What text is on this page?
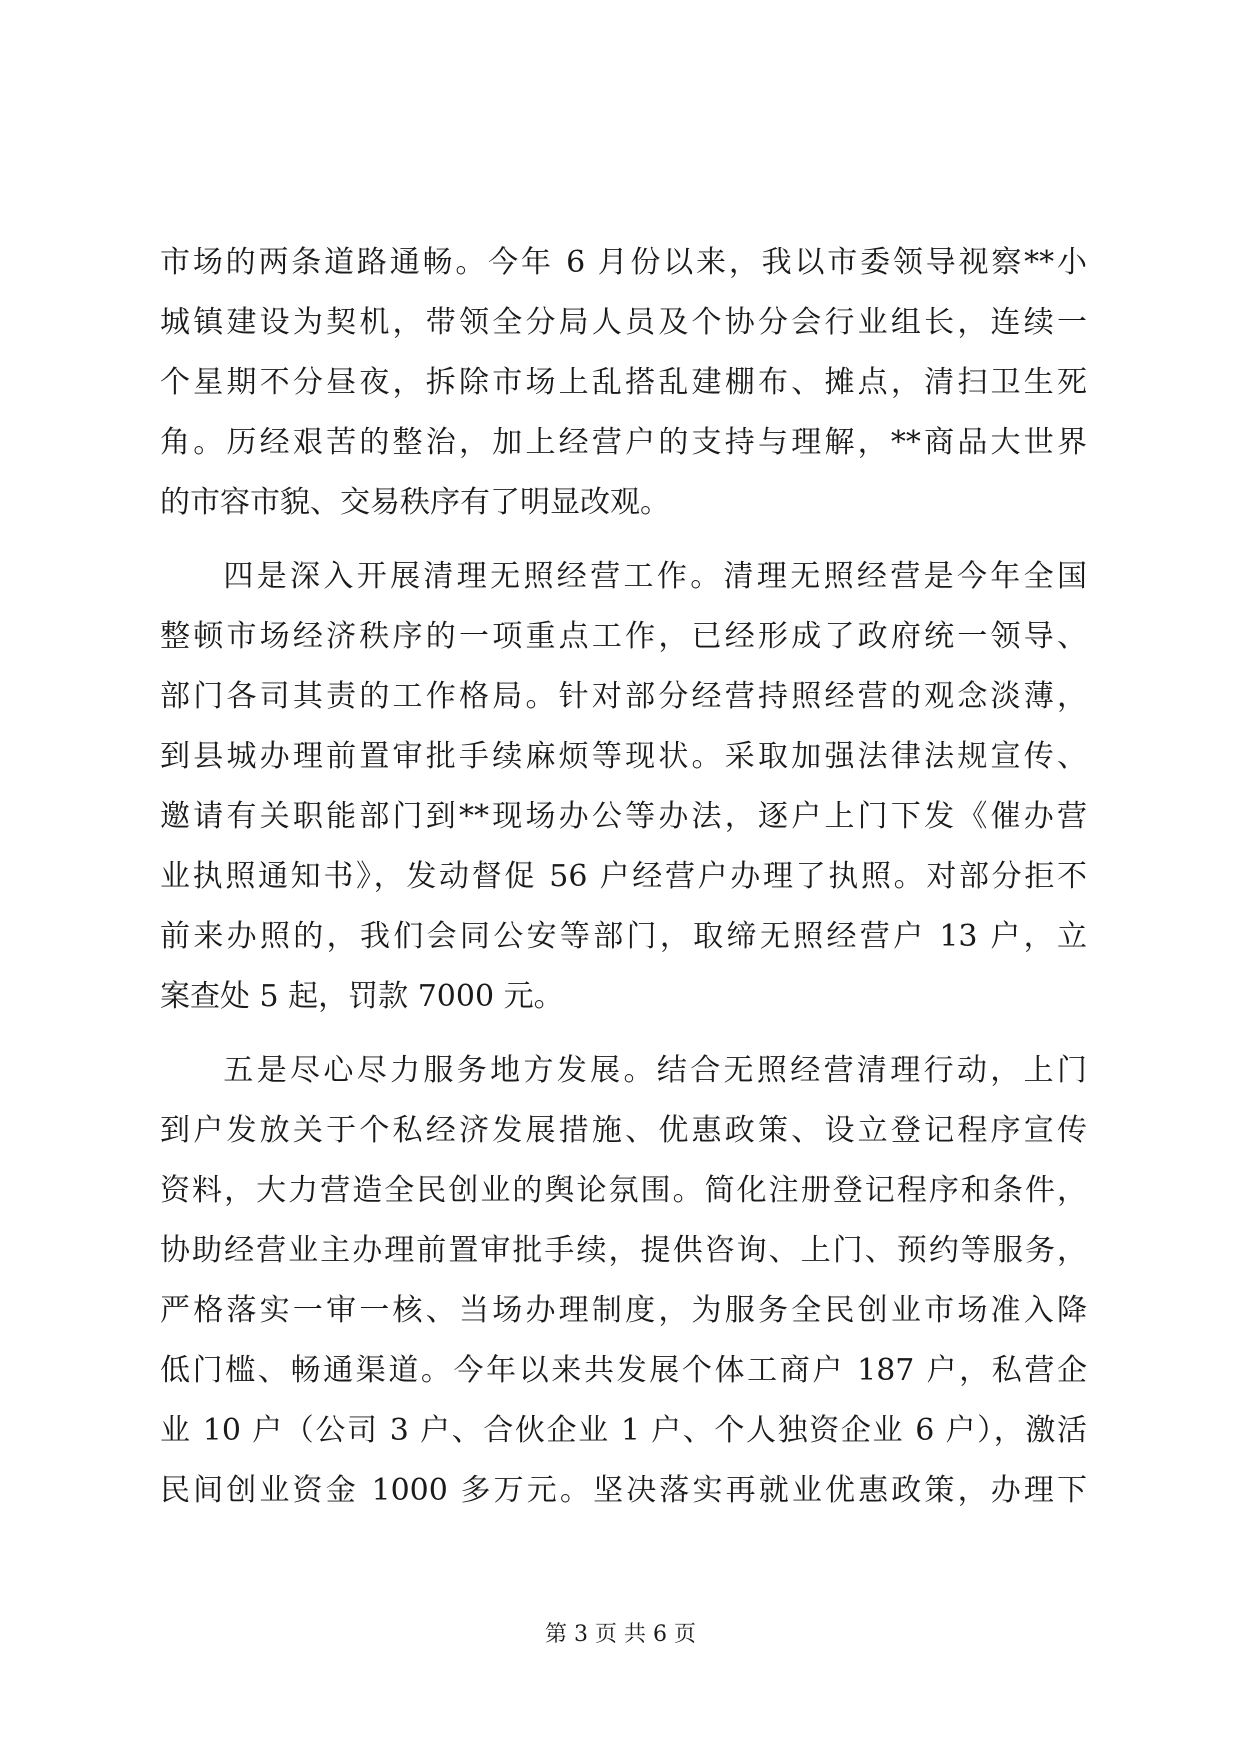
市场的两条道路通畅。今年 6 月份以来，我以市委领导视察**小
城镇建设为契机，带领全分局人员及个协分会行业组长，连续一
个星期不分昼夜，拆除市场上乱搭乱建棚布、摊点，清扫卫生死
角。历经艰苦的整治，加上经营户的支持与理解，**商品大世界
的市容市貌、交易秩序有了明显改观。
四是深入开展清理无照经营工作。清理无照经营是今年全国
整顿市场经济秩序的一项重点工作，已经形成了政府统一领导、
部门各司其责的工作格局。针对部分经营持照经营的观念淡薄，
到县城办理前置审批手续麻烦等现状。采取加强法律法规宣传、
邀请有关职能部门到**现场办公等办法，逐户上门下发《催办营
业执照通知书》，发动督促 56 户经营户办理了执照。对部分拒不
前来办照的，我们会同公安等部门，取缔无照经营户 13 户，立
案查处 5 起，罚款 7000 元。
五是尽心尽力服务地方发展。结合无照经营清理行动，上门
到户发放关于个私经济发展措施、优惠政策、设立登记程序宣传
资料，大力营造全民创业的舆论氛围。简化注册登记程序和条件，
协助经营业主办理前置审批手续，提供咨询、上门、预约等服务，
严格落实一审一核、当场办理制度，为服务全民创业市场准入降
低门槛、畅通渠道。今年以来共发展个体工商户 187 户，私营企
业 10 户（公司 3 户、合伙企业 1 户、个人独资企业 6 户），激活
民间创业资金 1000 多万元。坚决落实再就业优惠政策，办理下
第 3 页 共 6 页
